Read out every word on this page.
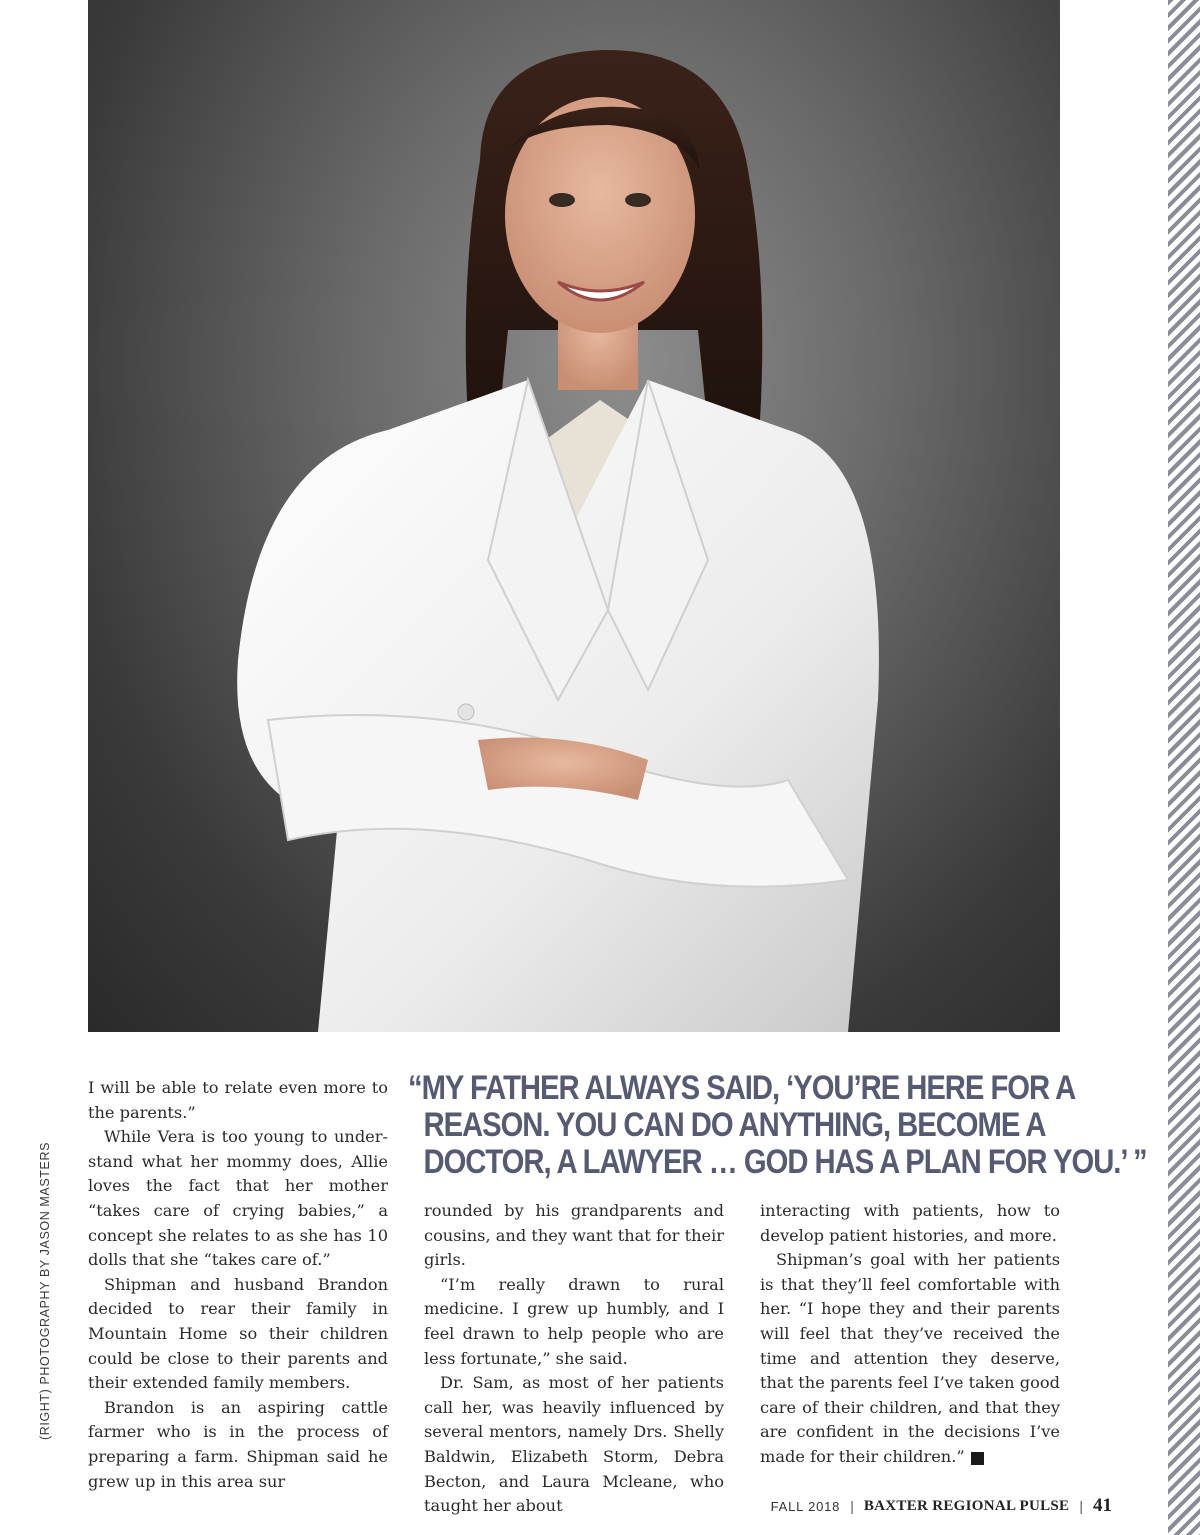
(RIGHT) PHOTOGRAPHY BY JASON MASTERS

I will be able to relate even more to the parents.”

While Vera is too young to understand what her mommy does, Allie loves the fact that her mother “takes care of crying babies,” a concept she relates to as she has 10 dolls that she “takes care of.”

Shipman and husband Brandon decided to rear their family in Mountain Home so their children could be close to their parents and their extended family members.

Brandon is an aspiring cattle farmer who is in the process of preparing a farm. Shipman said he grew up in this area sur

“MY FATHER ALWAYS SAID, ‘YOU’RE HERE FOR A
REASON. YOU CAN DO ANYTHING, BECOME A
DOCTOR, A LAWYER … GOD HAS A PLAN FOR YOU.’ ”

rounded by his grandparents and cousins, and they want that for their girls.

“I’m really drawn to rural medicine. I grew up humbly, and I feel drawn to help people who are less fortunate,” she said.

Dr. Sam, as most of her patients call her, was heavily influenced by several mentors, namely Drs. Shelly Baldwin, Elizabeth Storm, Debra Becton, and Laura Mcleane, who taught her about

interacting with patients, how to develop patient histories, and more.

Shipman’s goal with her patients is that they’ll feel comfortable with her. “I hope they and their parents will feel that they’ve received the time and attention they deserve, that the parents feel I’ve taken good care of their children, and that they are confident in the decisions I’ve made for their children.” P

FALL 2018 | BAXTER REGIONAL PULSE | 41
